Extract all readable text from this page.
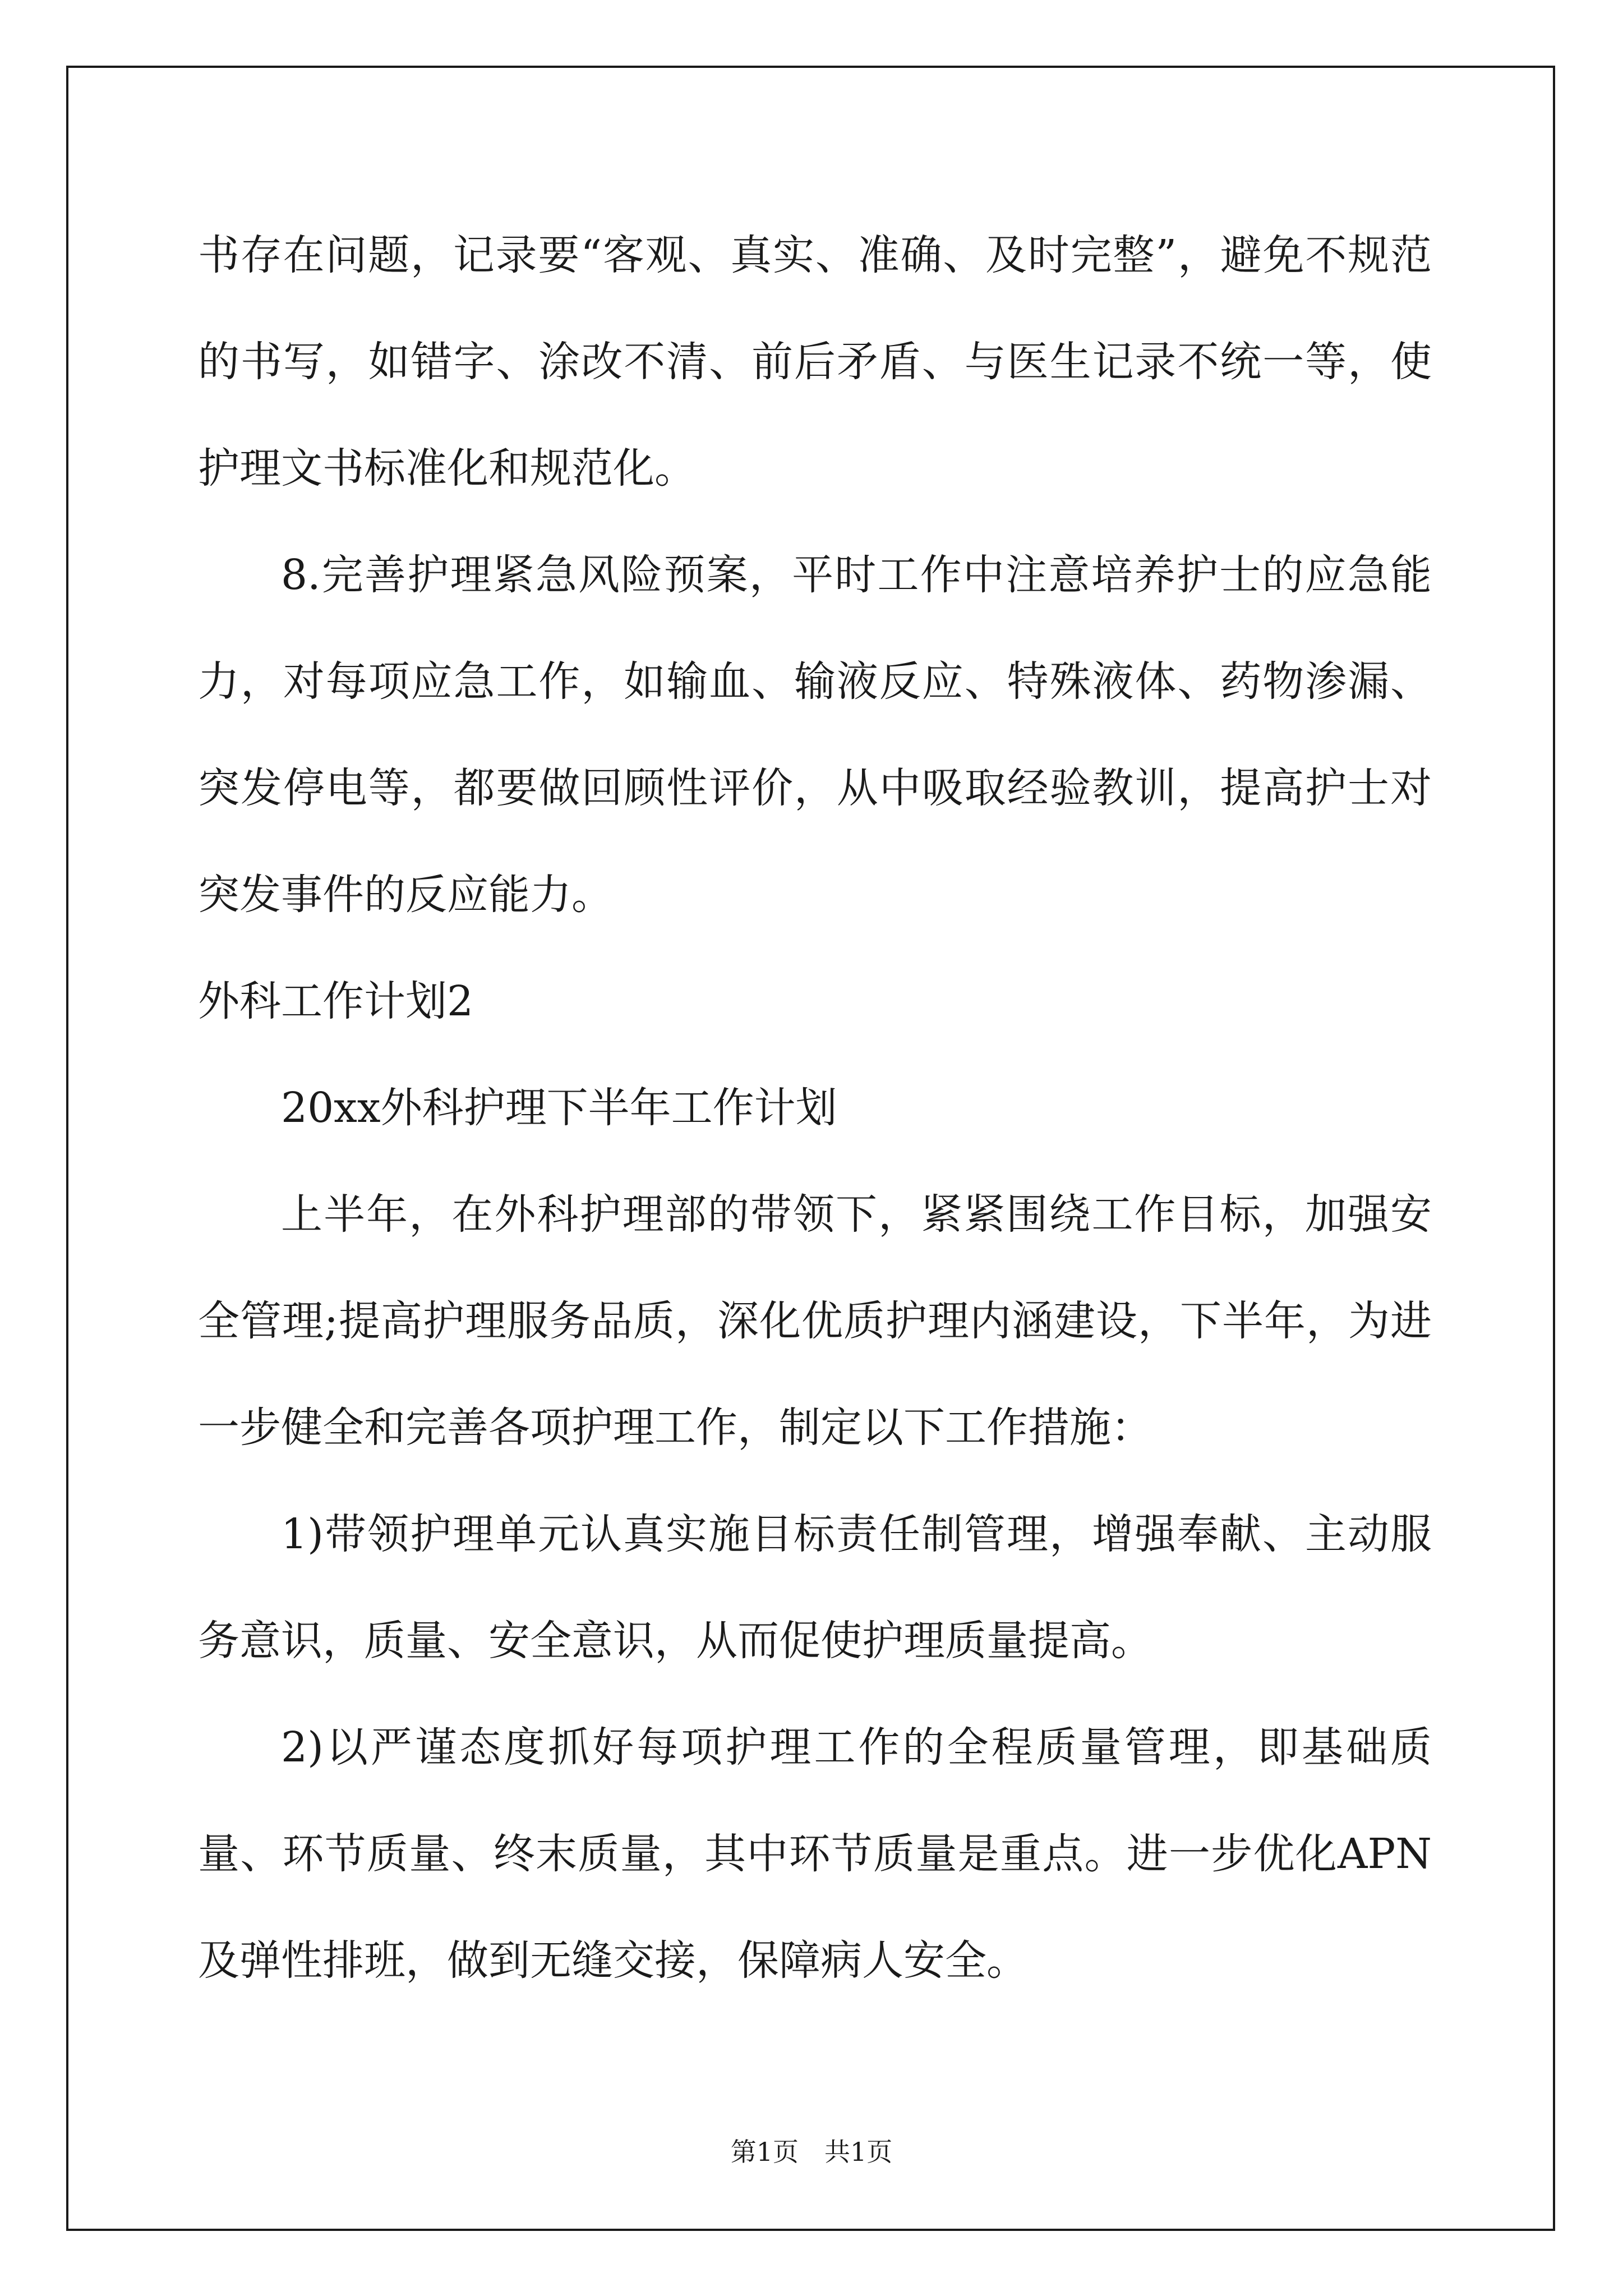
书存在问题，记录要“客观、真实、准确、及时完整”，避免不规范的书写，如错字、涂改不清、前后矛盾、与医生记录不统一等，使护理文书标准化和规范化。

8.完善护理紧急风险预案，平时工作中注意培养护士的应急能力，对每项应急工作，如输血、输液反应、特殊液体、药物渗漏、突发停电等，都要做回顾性评价，从中吸取经验教训，提高护士对突发事件的反应能力。

外科工作计划2

20xx外科护理下半年工作计划

上半年，在外科护理部的带领下，紧紧围绕工作目标，加强安全管理;提高护理服务品质，深化优质护理内涵建设，下半年，为进一步健全和完善各项护理工作，制定以下工作措施：

1)带领护理单元认真实施目标责任制管理，增强奉献、主动服务意识，质量、安全意识，从而促使护理质量提高。

2)以严谨态度抓好每项护理工作的全程质量管理，即基础质量、环节质量、终末质量，其中环节质量是重点。进一步优化APN及弹性排班，做到无缝交接，保障病人安全。

第1页 共1页
